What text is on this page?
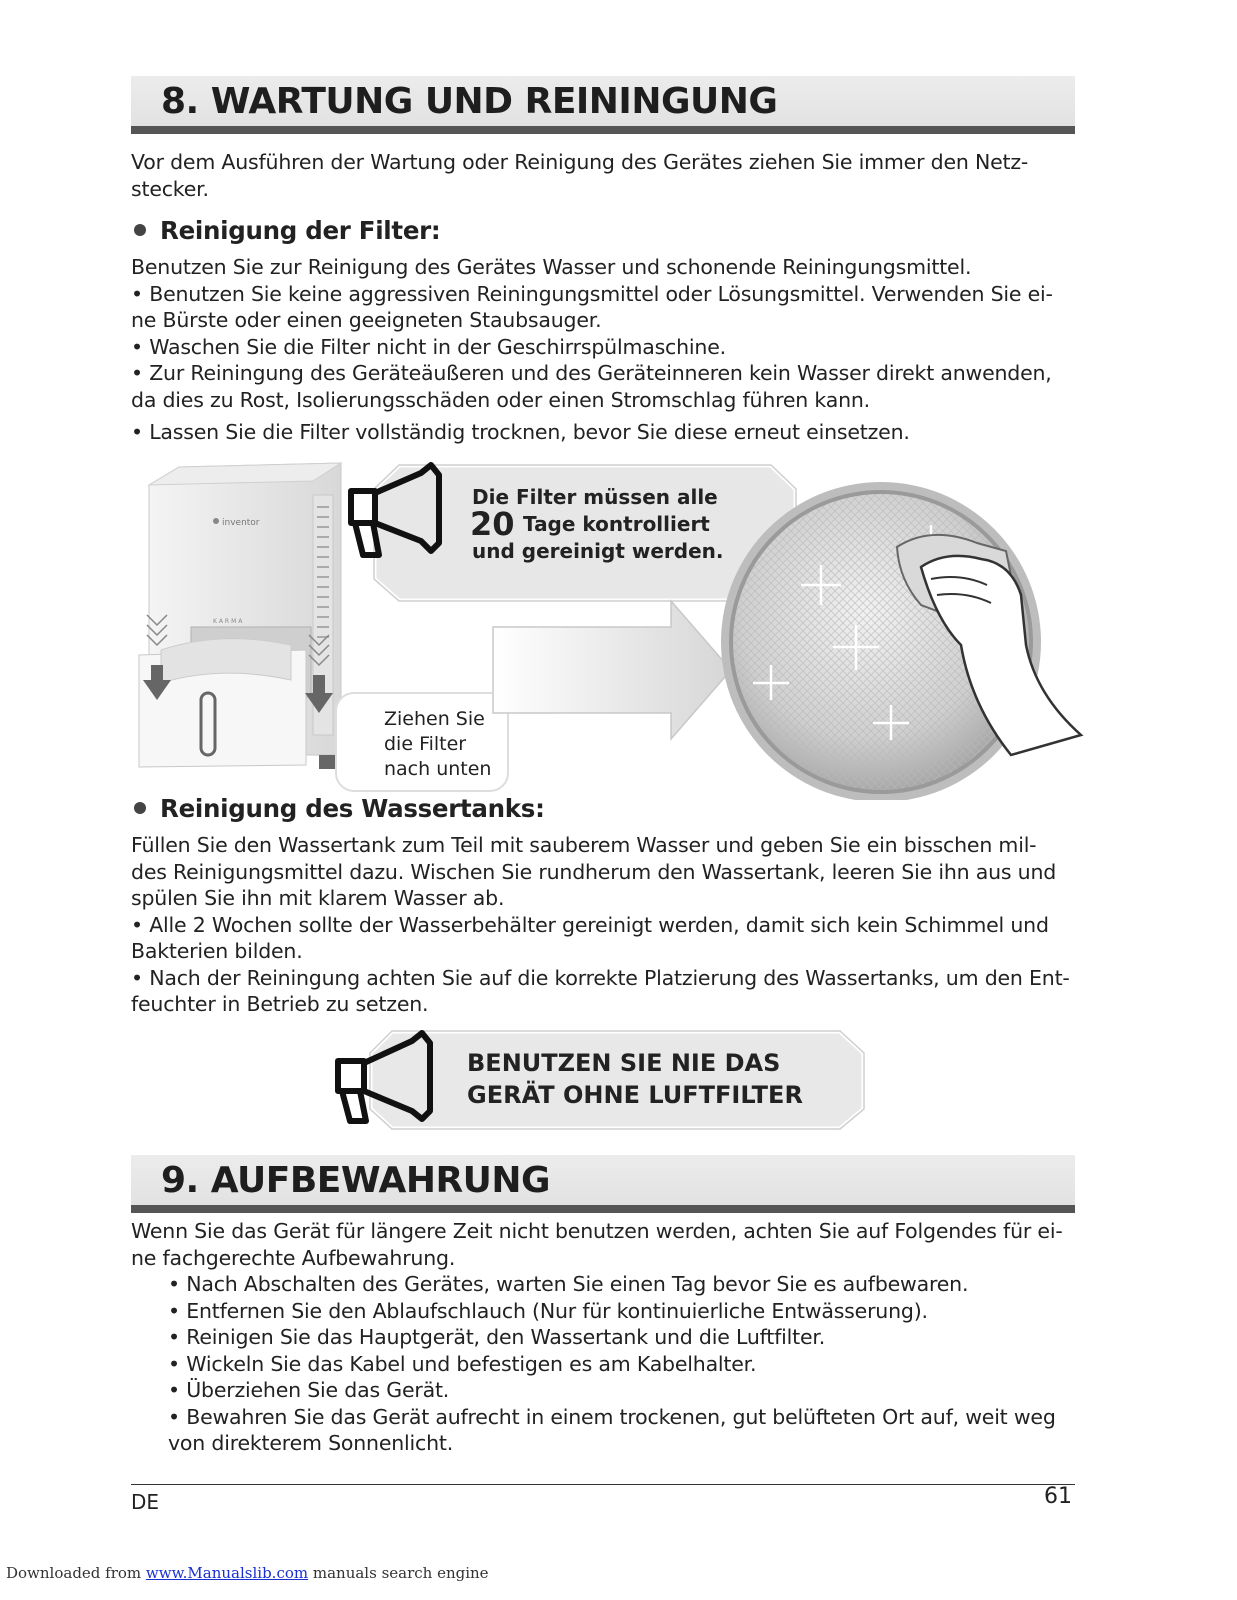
8. WARTUNG UND REININGUNG

Vor dem Ausführen der Wartung oder Reinigung des Gerätes ziehen Sie immer den Netz-

stecker.

Reinigung der Filter:

Benutzen Sie zur Reinigung des Gerätes Wasser und schonende Reiningungsmittel.

• Benutzen Sie keine aggressiven Reiningungsmittel oder Lösungsmittel. Verwenden Sie ei-

ne Bürste oder einen geeigneten Staubsauger.

• Waschen Sie die Filter nicht in der Geschirrspülmaschine.

• Zur Reiningung des Geräteäußeren und des Geräteinneren kein Wasser direkt anwenden,

da dies zu Rost, Isolierungsschäden oder einen Stromschlag führen kann.

• Lassen Sie die Filter vollständig trocknen, bevor Sie diese erneut einsetzen.

inventor
KARMA
Die Filter müssen alle
20 Tage kontrolliert
und gereinigt werden.
Ziehen Sie
die Filter
nach unten
Reinigung des Wassertanks:

Füllen Sie den Wassertank zum Teil mit sauberem Wasser und geben Sie ein bisschen mil-

des Reinigungsmittel dazu. Wischen Sie rundherum den Wassertank, leeren Sie ihn aus und

spülen Sie ihn mit klarem Wasser ab.

• Alle 2 Wochen sollte der Wasserbehälter gereinigt werden, damit sich kein Schimmel und

Bakterien bilden.

• Nach der Reiningung achten Sie auf die korrekte Platzierung des Wassertanks, um den Ent-

feuchter in Betrieb zu setzen.

BENUTZEN SIE NIE DAS
GERÄT OHNE LUFTFILTER
9. AUFBEWAHRUNG

Wenn Sie das Gerät für längere Zeit nicht benutzen werden, achten Sie auf Folgendes für ei-

ne fachgerechte Aufbewahrung.

• Nach Abschalten des Gerätes, warten Sie einen Tag bevor Sie es aufbewaren.

• Entfernen Sie den Ablaufschlauch (Nur für kontinuierliche Entwässerung).

• Reinigen Sie das Hauptgerät, den Wassertank und die Luftfilter.

• Wickeln Sie das Kabel und befestigen es am Kabelhalter.

• Überziehen Sie das Gerät.

• Bewahren Sie das Gerät aufrecht in einem trockenen, gut belüfteten Ort auf, weit weg

von direkterem Sonnenlicht.

DE	61
Downloaded from www.Manualslib.com manuals search engine
